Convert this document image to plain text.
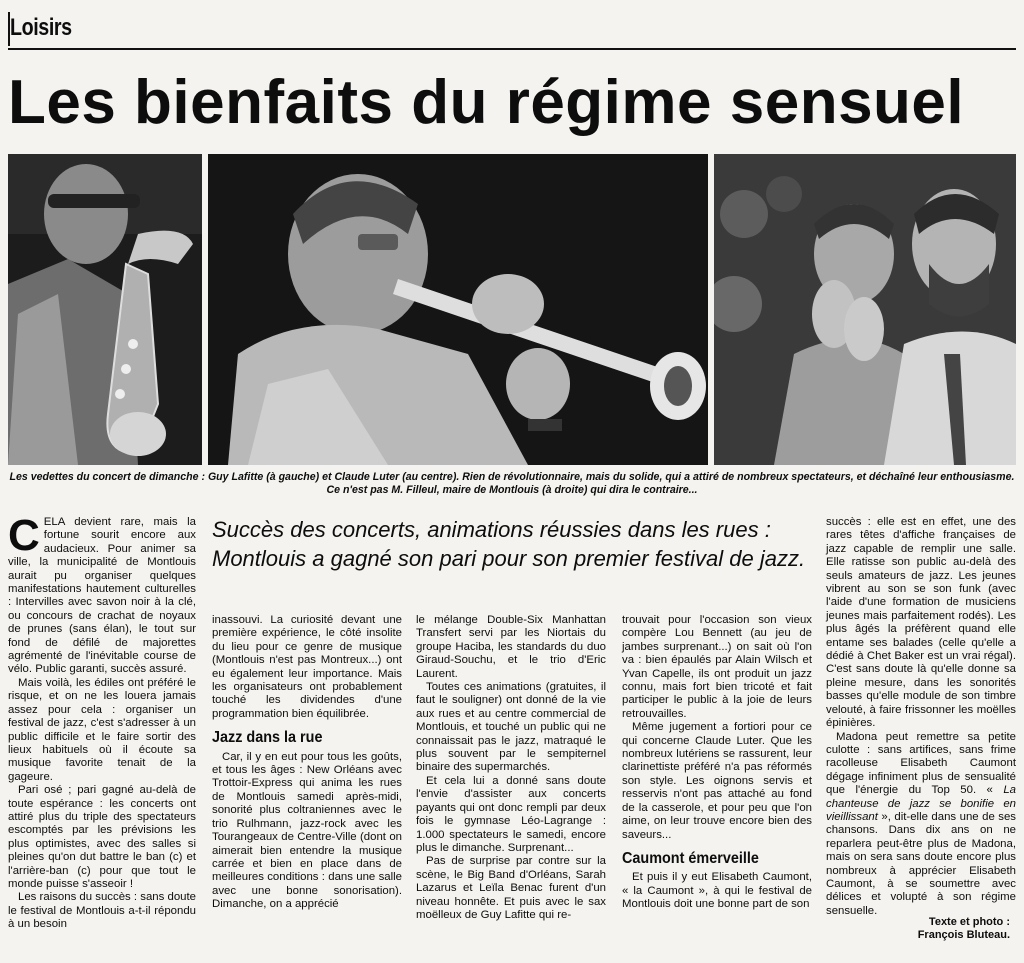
Loisirs
Les bienfaits du régime sensuel
Les vedettes du concert de dimanche : Guy Lafitte (à gauche) et Claude Luter (au centre). Rien de révolutionnaire, mais du solide, qui a attiré de nombreux spectateurs, et déchaîné leur enthousiasme. Ce n'est pas M. Filleul, maire de Montlouis (à droite) qui dira le contraire...

CELA devient rare, mais la fortune sourit encore aux audacieux. Pour animer sa ville, la municipalité de Montlouis aurait pu organiser quelques manifestations hautement culturelles : Intervilles avec savon noir à la clé, ou concours de crachat de noyaux de prunes (sans élan), le tout sur fond de défilé de majorettes agrémenté de l'inévitable course de vélo. Public garanti, succès assuré.

Mais voilà, les édiles ont préféré le risque, et on ne les louera jamais assez pour cela : organiser un festival de jazz, c'est s'adresser à un public difficile et le faire sortir des lieux habituels où il écoute sa musique favorite tenait de la gageure.

Pari osé ; pari gagné au-delà de toute espérance : les concerts ont attiré plus du triple des spectateurs escomptés par les prévisions les plus optimistes, avec des salles si pleines qu'on dut battre le ban (c) et l'arrière-ban (c) pour que tout le monde puisse s'asseoir !

Les raisons du succès : sans doute le festival de Montlouis a-t-il répondu à un besoin

Succès des concerts, animations réussies dans les rues : Montlouis a gagné son pari pour son premier festival de jazz.

inassouvi. La curiosité devant une première expérience, le côté insolite du lieu pour ce genre de musique (Montlouis n'est pas Montreux...) ont eu également leur importance. Mais les organisateurs ont probablement touché les dividendes d'une programmation bien équilibrée.

Jazz dans la rue

Car, il y en eut pour tous les goûts, et tous les âges : New Orléans avec Trottoir-Express qui anima les rues de Montlouis samedi après-midi, sonorité plus coltraniennes avec le trio Rulhmann, jazz-rock avec les Tourangeaux de Centre-Ville (dont on aimerait bien entendre la musique carrée et bien en place dans de meilleures conditions : dans une salle avec une bonne sonorisation). Dimanche, on a apprécié

le mélange Double-Six Manhattan Transfert servi par les Niortais du groupe Haciba, les standards du duo Giraud-Souchu, et le trio d'Eric Laurent.

Toutes ces animations (gratuites, il faut le souligner) ont donné de la vie aux rues et au centre commercial de Montlouis, et touché un public qui ne connaissait pas le jazz, matraqué le plus souvent par le sempiternel binaire des supermarchés.

Et cela lui a donné sans doute l'envie d'assister aux concerts payants qui ont donc rempli par deux fois le gymnase Léo-Lagrange : 1.000 spectateurs le samedi, encore plus le dimanche. Surprenant...

Pas de surprise par contre sur la scène, le Big Band d'Orléans, Sarah Lazarus et Leïla Benac furent d'un niveau honnête. Et puis avec le sax moëlleux de Guy Lafitte qui re-

trouvait pour l'occasion son vieux compère Lou Bennett (au jeu de jambes surprenant...) on sait où l'on va : bien épaulés par Alain Wilsch et Yvan Capelle, ils ont produit un jazz connu, mais fort bien tricoté et fait participer le public à la joie de leurs retrouvailles.

Même jugement a fortiori pour ce qui concerne Claude Luter. Que les nombreux lutériens se rassurent, leur clarinettiste préféré n'a pas réformés son style. Les oignons servis et resservis n'ont pas attaché au fond de la casserole, et pour peu que l'on aime, on leur trouve encore bien des saveurs...

Caumont émerveille

Et puis il y eut Elisabeth Caumont, « la Caumont », à qui le festival de Montlouis doit une bonne part de son

succès : elle est en effet, une des rares têtes d'affiche françaises de jazz capable de remplir une salle. Elle ratisse son public au-delà des seuls amateurs de jazz. Les jeunes vibrent au son se son funk (avec l'aide d'une formation de musiciens jeunes mais parfaitement rodés). Les plus âgés la préfèrent quand elle entame ses balades (celle qu'elle a dédié à Chet Baker est un vrai régal). C'est sans doute là qu'elle donne sa pleine mesure, dans les sonorités basses qu'elle module de son timbre velouté, à faire frissonner les moëlles épinières.

Madona peut remettre sa petite culotte : sans artifices, sans frime racolleuse Elisabeth Caumont dégage infiniment plus de sensualité que l'énergie du Top 50. « La chanteuse de jazz se bonifie en vieillissant », dit-elle dans une de ses chansons. Dans dix ans on ne reparlera peut-être plus de Madona, mais on sera sans doute encore plus nombreux à apprécier Elisabeth Caumont, à se soumettre avec délices et volupté à son régime sensuelle.

Texte et photo :
François Bluteau.
